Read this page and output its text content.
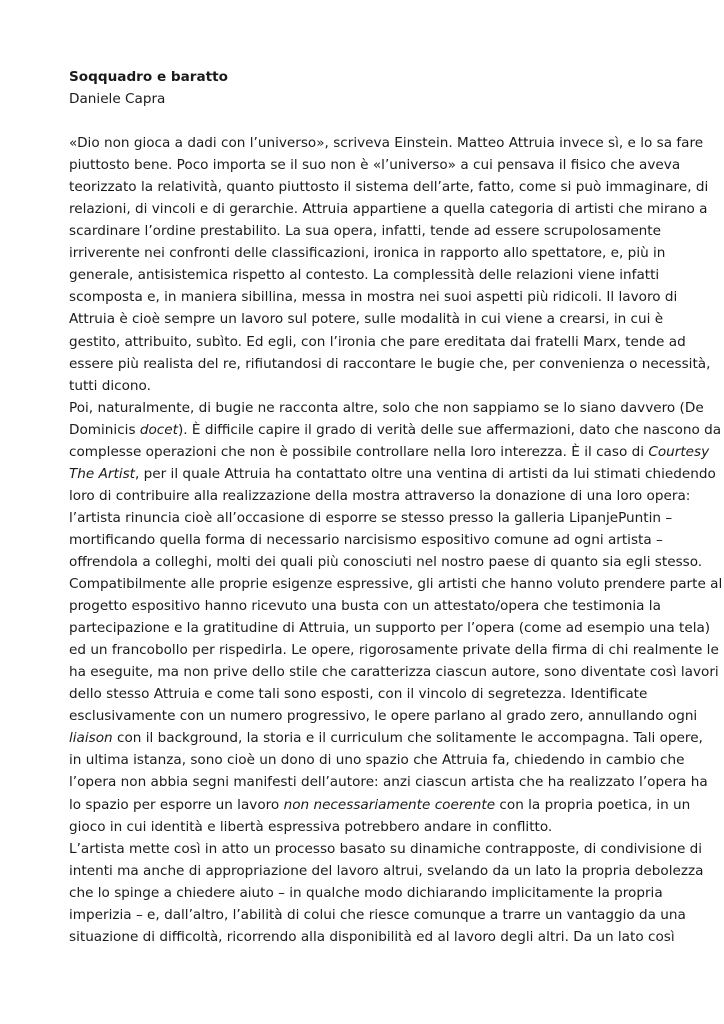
Soqquadro e baratto

Daniele Capra

«Dio non gioca a dadi con l’universo», scriveva Einstein. Matteo Attruia invece sì, e lo sa fare
piuttosto bene. Poco importa se il suo non è «l’universo» a cui pensava il fisico che aveva
teorizzato la relatività, quanto piuttosto il sistema dell’arte, fatto, come si può immaginare, di
relazioni, di vincoli e di gerarchie. Attruia appartiene a quella categoria di artisti che mirano a
scardinare l’ordine prestabilito. La sua opera, infatti, tende ad essere scrupolosamente
irriverente nei confronti delle classificazioni, ironica in rapporto allo spettatore, e, più in
generale, antisistemica rispetto al contesto. La complessità delle relazioni viene infatti
scomposta e, in maniera sibillina, messa in mostra nei suoi aspetti più ridicoli. Il lavoro di
Attruia è cioè sempre un lavoro sul potere, sulle modalità in cui viene a crearsi, in cui è
gestito, attribuito, subìto. Ed egli, con l’ironia che pare ereditata dai fratelli Marx, tende ad
essere più realista del re, rifiutandosi di raccontare le bugie che, per convenienza o necessità,
tutti dicono.
Poi, naturalmente, di bugie ne racconta altre, solo che non sappiamo se lo siano davvero (De
Dominicis docet). È difficile capire il grado di verità delle sue affermazioni, dato che nascono da
complesse operazioni che non è possibile controllare nella loro interezza. È il caso di Courtesy
The Artist, per il quale Attruia ha contattato oltre una ventina di artisti da lui stimati chiedendo
loro di contribuire alla realizzazione della mostra attraverso la donazione di una loro opera:
l’artista rinuncia cioè all’occasione di esporre se stesso presso la galleria LipanjePuntin –
mortificando quella forma di necessario narcisismo espositivo comune ad ogni artista –
offrendola a colleghi, molti dei quali più conosciuti nel nostro paese di quanto sia egli stesso.
Compatibilmente alle proprie esigenze espressive, gli artisti che hanno voluto prendere parte al
progetto espositivo hanno ricevuto una busta con un attestato/opera che testimonia la
partecipazione e la gratitudine di Attruia, un supporto per l’opera (come ad esempio una tela)
ed un francobollo per rispedirla. Le opere, rigorosamente private della firma di chi realmente le
ha eseguite, ma non prive dello stile che caratterizza ciascun autore, sono diventate così lavori
dello stesso Attruia e come tali sono esposti, con il vincolo di segretezza. Identificate
esclusivamente con un numero progressivo, le opere parlano al grado zero, annullando ogni
liaison con il background, la storia e il curriculum che solitamente le accompagna. Tali opere,
in ultima istanza, sono cioè un dono di uno spazio che Attruia fa, chiedendo in cambio che
l’opera non abbia segni manifesti dell’autore: anzi ciascun artista che ha realizzato l’opera ha
lo spazio per esporre un lavoro non necessariamente coerente con la propria poetica, in un
gioco in cui identità e libertà espressiva potrebbero andare in conflitto.
L’artista mette così in atto un processo basato su dinamiche contrapposte, di condivisione di
intenti ma anche di appropriazione del lavoro altrui, svelando da un lato la propria debolezza
che lo spinge a chiedere aiuto – in qualche modo dichiarando implicitamente la propria
imperizia – e, dall’altro, l’abilità di colui che riesce comunque a trarre un vantaggio da una
situazione di difficoltà, ricorrendo alla disponibilità ed al lavoro degli altri. Da un lato così
